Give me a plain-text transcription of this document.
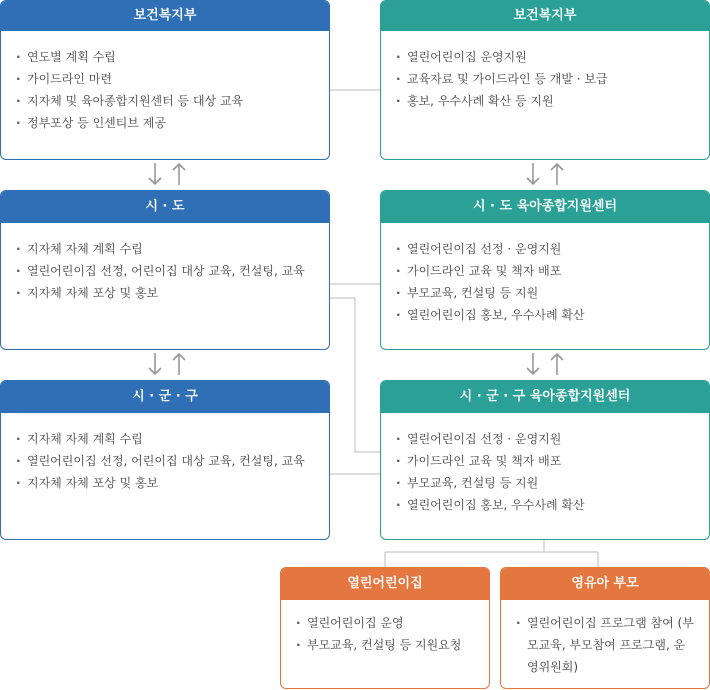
보건복지부
· 연도별 계획 수립
· 가이드라인 마련
· 지자체 및 육아종합지원센터 등 대상 교육
· 정부포상 등 인센티브 제공
시 · 도
· 지자체 자체 계획 수립
· 열린어린이집 선정, 어린이집 대상 교육, 컨설팅, 교육
· 지자체 자체 포상 및 홍보
시 · 군 · 구
· 지자체 자체 계획 수립
· 열린어린이집 선정, 어린이집 대상 교육, 컨설팅, 교육
· 지자체 자체 포상 및 홍보
보건복지부
· 열린어린이집 운영지원
· 교육자료 및 가이드라인 등 개발 · 보급
· 홍보, 우수사례 확산 등 지원
시 · 도 육아종합지원센터
· 열린어린이집 선정 · 운영지원
· 가이드라인 교육 및 책자 배포
· 부모교육, 컨설팅 등 지원
· 열린어린이집 홍보, 우수사례 확산
시 · 군 · 구 육아종합지원센터
· 열린어린이집 선정 · 운영지원
· 가이드라인 교육 및 책자 배포
· 부모교육, 컨설팅 등 지원
· 열린어린이집 홍보, 우수사례 확산
열린어린이집
· 열린어린이집 운영
· 부모교육, 컨설팅 등 지원요청
영유아 부모
· 열린어린이집 프로그램 참여 (부모교육, 부모참여 프로그램, 운영위원회)
